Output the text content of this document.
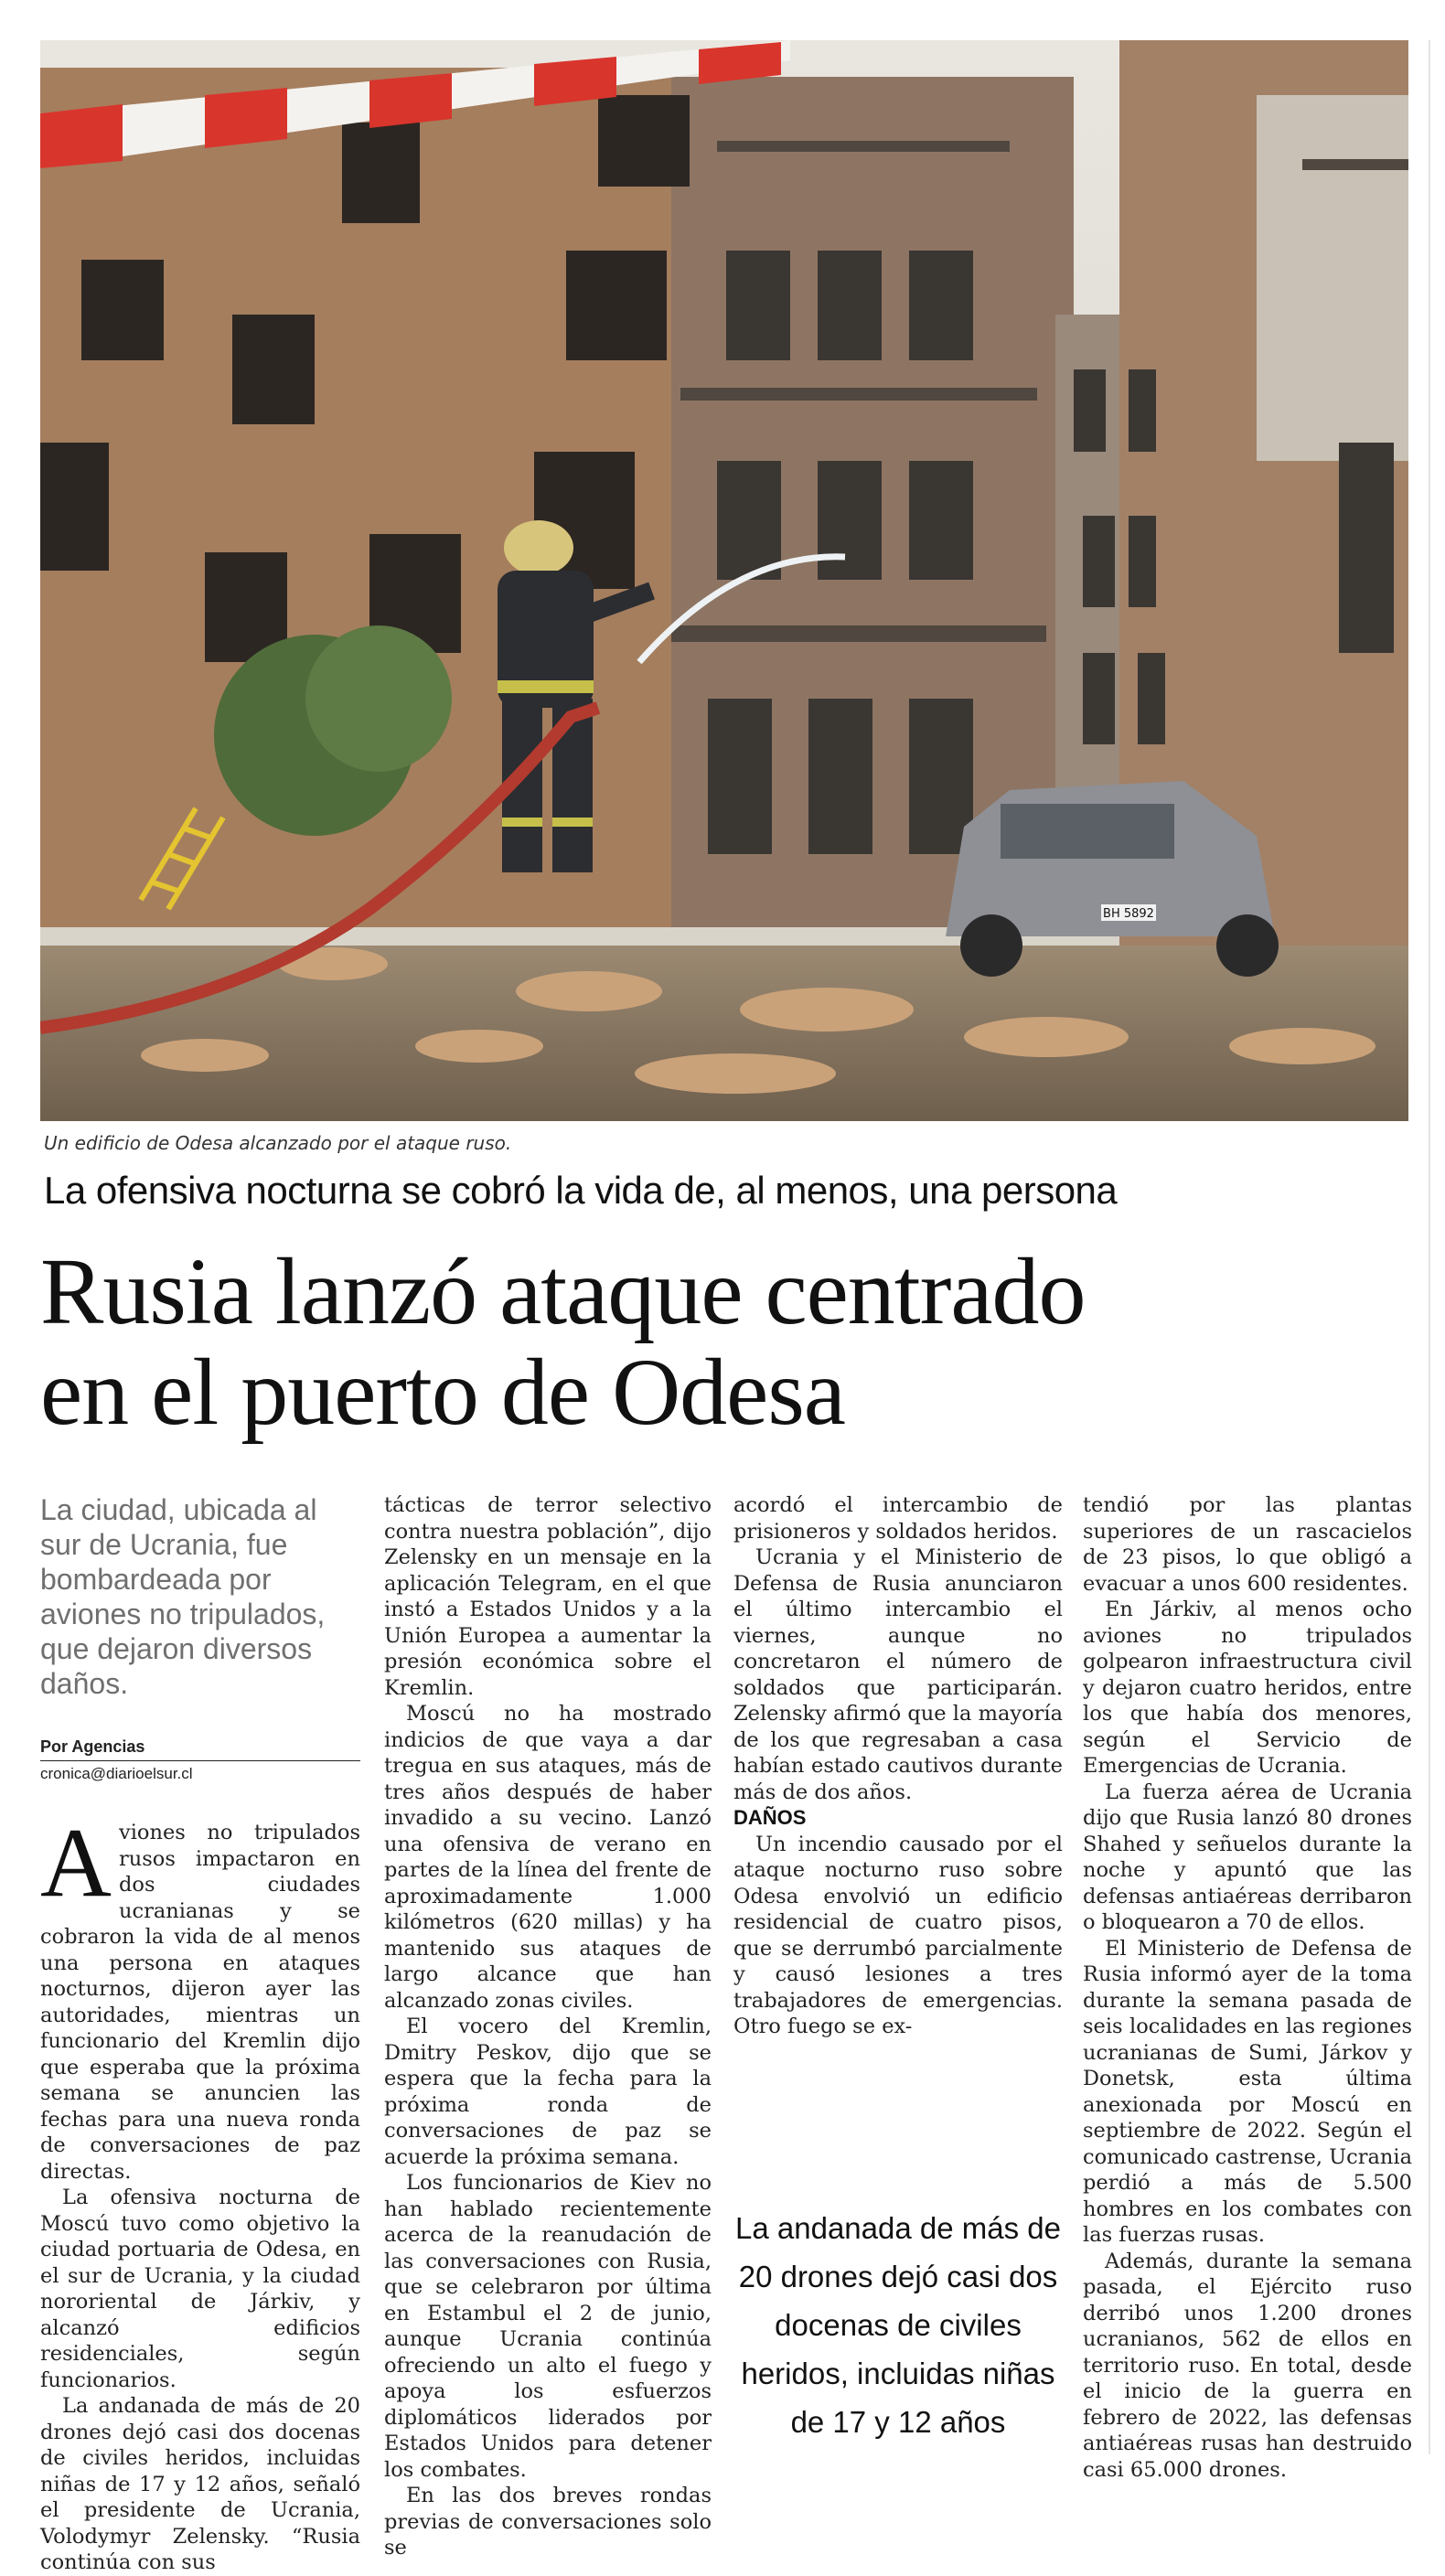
BH 5892
Un edificio de Odesa alcanzado por el ataque ruso.
La ofensiva nocturna se cobró la vida de, al menos, una persona
Rusia lanzó ataque centrado
en el puerto de Odesa
La ciudad, ubicada al sur de Ucrania, fue bombardeada por aviones no tripulados, que dejaron diversos daños.
Por Agencias
cronica@diarioelsur.cl

Aviones no tripulados rusos impactaron en dos ciudades ucranianas y se cobraron la vida de al menos una persona en ataques nocturnos, dijeron ayer las autoridades, mientras un funcionario del Kremlin dijo que esperaba que la próxima semana se anuncien las fechas para una nueva ronda de conversaciones de paz directas.

La ofensiva nocturna de Moscú tuvo como objetivo la ciudad portuaria de Odesa, en el sur de Ucrania, y la ciudad nororiental de Járkiv, y alcanzó edificios residenciales, según funcionarios.

La andanada de más de 20 drones dejó casi dos docenas de civiles heridos, incluidas niñas de 17 y 12 años, señaló el presidente de Ucrania, Volodymyr Zelensky. “Rusia continúa con sus

tácticas de terror selectivo contra nuestra población”, dijo Zelensky en un mensaje en la aplicación Telegram, en el que instó a Estados Unidos y a la Unión Europea a aumentar la presión económica sobre el Kremlin.

Moscú no ha mostrado indicios de que vaya a dar tregua en sus ataques, más de tres años después de haber invadido a su vecino. Lanzó una ofensiva de verano en partes de la línea del frente de aproximadamente 1.000 kilómetros (620 millas) y ha mantenido sus ataques de largo alcance que han alcanzado zonas civiles.

El vocero del Kremlin, Dmitry Peskov, dijo que se espera que la fecha para la próxima ronda de conversaciones de paz se acuerde la próxima semana.

Los funcionarios de Kiev no han hablado recientemente acerca de la reanudación de las conversaciones con Rusia, que se celebraron por última en Estambul el 2 de junio, aunque Ucrania continúa ofreciendo un alto el fuego y apoya los esfuerzos diplomáticos liderados por Estados Unidos para detener los combates.

En las dos breves rondas previas de conversaciones solo se

acordó el intercambio de prisioneros y soldados heridos.

Ucrania y el Ministerio de Defensa de Rusia anunciaron el último intercambio el viernes, aunque no concretaron el número de soldados que participarán. Zelensky afirmó que la mayoría de los que regresaban a casa habían estado cautivos durante más de dos años.

DAÑOS

Un incendio causado por el ataque nocturno ruso sobre Odesa envolvió un edificio residencial de cuatro pisos, que se derrumbó parcialmente y causó lesiones a tres trabajadores de emergencias. Otro fuego se ex-

La andanada de más de 20 drones dejó casi dos docenas de civiles heridos, incluidas niñas de 17 y 12 años

tendió por las plantas superiores de un rascacielos de 23 pisos, lo que obligó a evacuar a unos 600 residentes.

En Járkiv, al menos ocho aviones no tripulados golpearon infraestructura civil y dejaron cuatro heridos, entre los que había dos menores, según el Servicio de Emergencias de Ucrania.

La fuerza aérea de Ucrania dijo que Rusia lanzó 80 drones Shahed y señuelos durante la noche y apuntó que las defensas antiaéreas derribaron o bloquearon a 70 de ellos.

El Ministerio de Defensa de Rusia informó ayer de la toma durante la semana pasada de seis localidades en las regiones ucranianas de Sumi, Járkov y Donetsk, esta última anexionada por Moscú en septiembre de 2022. Según el comunicado castrense, Ucrania perdió a más de 5.500 hombres en los combates con las fuerzas rusas.

Además, durante la semana pasada, el Ejército ruso derribó unos 1.200 drones ucranianos, 562 de ellos en territorio ruso. En total, desde el inicio de la guerra en febrero de 2022, las defensas antiaéreas rusas han destruido casi 65.000 drones.
